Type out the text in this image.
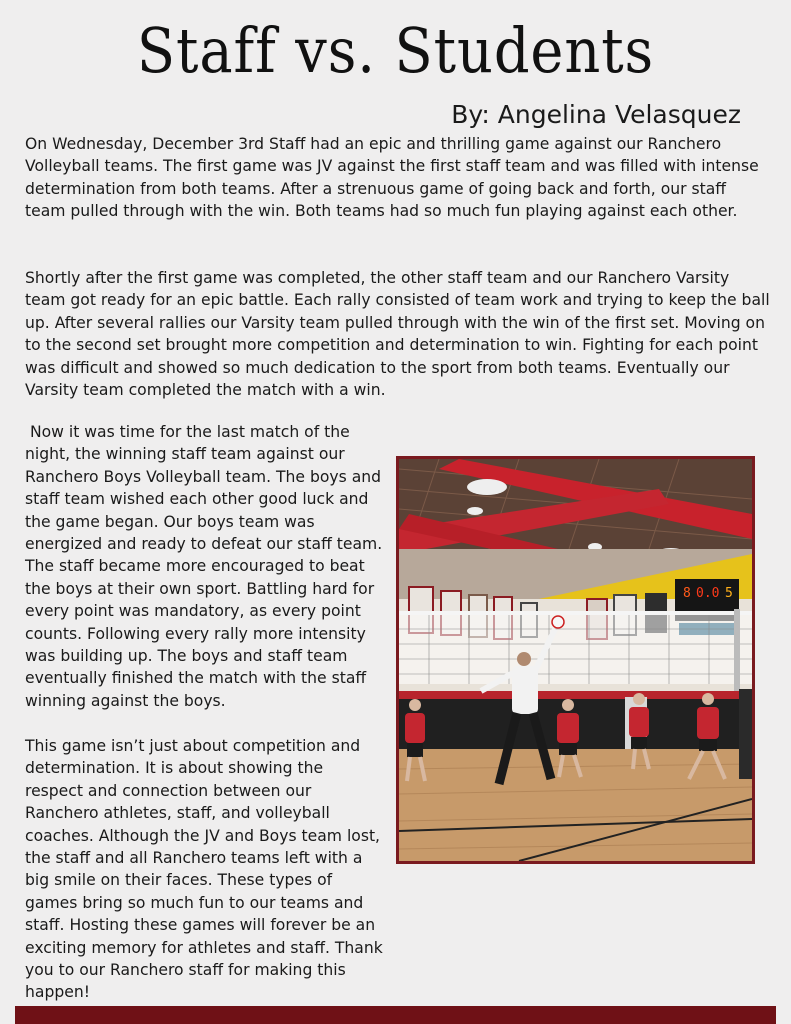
Staff vs. Students
By: Angelina Velasquez

On Wednesday, December 3rd Staff had an epic and thrilling game against our Ranchero Volleyball teams. The first game was JV against the first staff team and was filled with intense determination from both teams. After a strenuous game of going back and forth, our staff team pulled through with the win. Both teams had so much fun playing against each other.

Shortly after the first game was completed, the other staff team and our Ranchero Varsity team got ready for an epic battle. Each rally consisted of team work and trying to keep the ball up. After several rallies our Varsity team pulled through with the win of the first set. Moving on to the second set brought more competition and determination to win. Fighting for each point was difficult and showed so much dedication to the sport from both teams. Eventually our Varsity team completed the match with a win.

Now it was time for the last match of the night, the winning staff team against our Ranchero Boys Volleyball team. The boys and staff team wished each other good luck and the game began. Our boys team was energized and ready to defeat our staff team. The staff became more encouraged to beat the boys at their own sport. Battling hard for every point was mandatory, as every point counts. Following every rally more intensity was building up. The boys and staff team eventually finished the match with the staff winning against the boys.

This game isn’t just about competition and determination. It is about showing the respect and connection between our Ranchero athletes, staff, and volleyball coaches. Although the JV and Boys team lost, the staff and all Ranchero teams left with a big smile on their faces. These types of games bring so much fun to our teams and staff. Hosting these games will forever be an exciting memory for athletes and staff. Thank you to our Ranchero staff for making this happen!

8 0.0 5
